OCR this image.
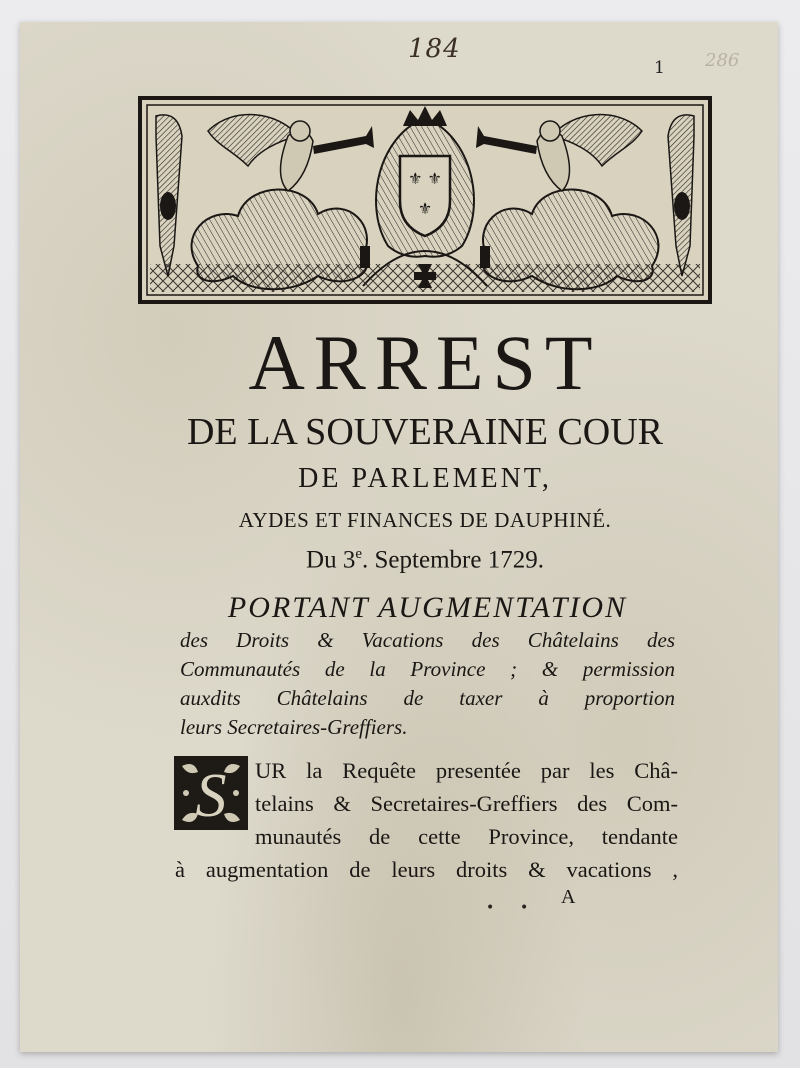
184
1 286
⚜ ⚜
⚜
ARREST
DE LA SOUVERAINE COUR
DE PARLEMENT,
AYDES ET FINANCES DE DAUPHINÉ.
Du 3e. Septembre 1729.
PORTANT AUGMENTATION
des Droits & Vacations des Châtelains des
Communautés de la Province ; & permission
auxdits Châtelains de taxer à proportion
leurs Secretaires-Greffiers.
S	UR la Requête presentée par les Châ-
telains & Secretaires-Greffiers des Com-
munautés de cette Province, tendante
à augmentation de leurs droits & vacations ,
• • A
